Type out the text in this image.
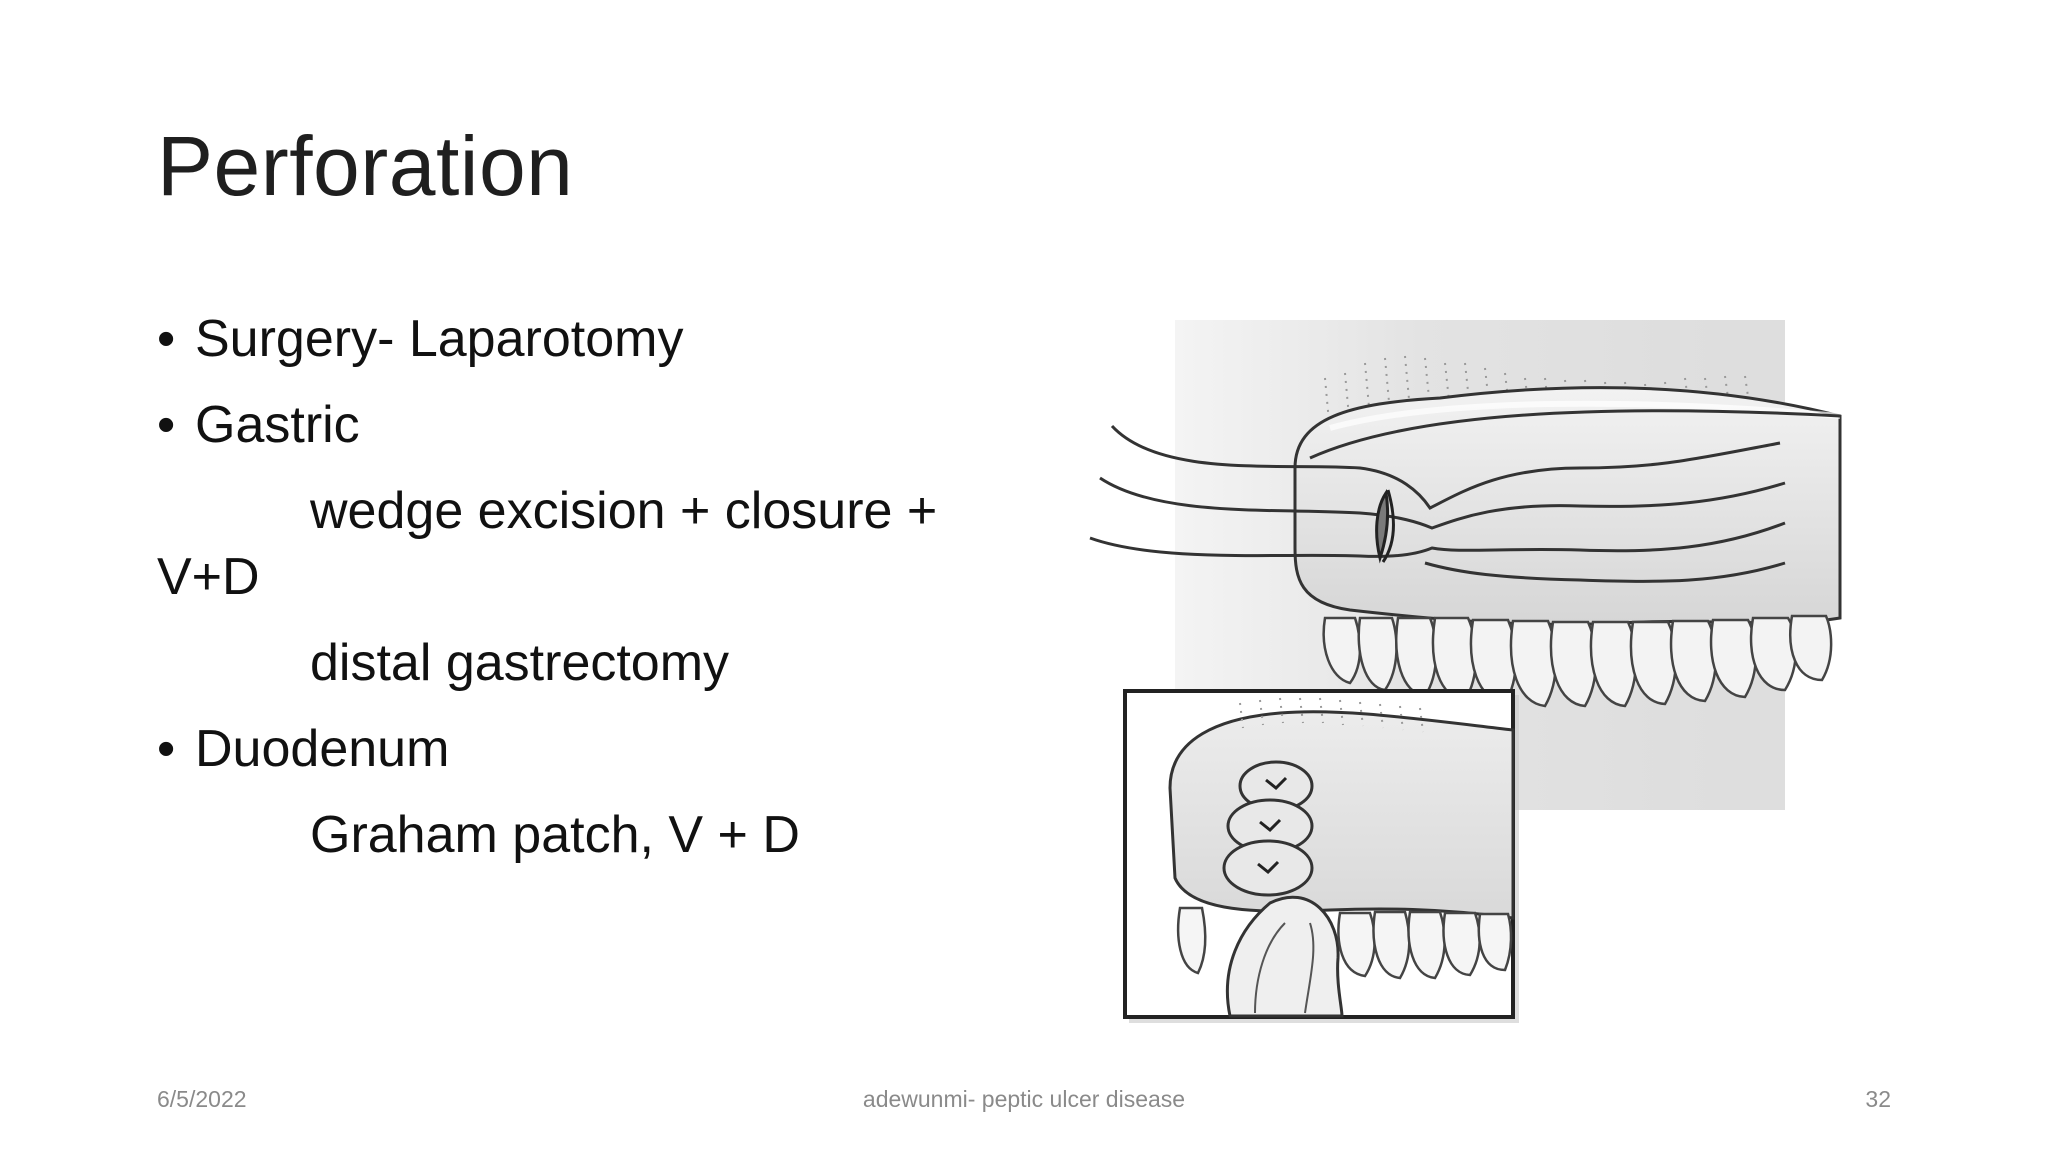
Perforation
• Surgery- Laparotomy
• Gastric
wedge excision + closure +
V+D
distal gastrectomy
• Duodenum
Graham patch, V + D
6/5/2022	adewunmi- peptic ulcer disease	32
